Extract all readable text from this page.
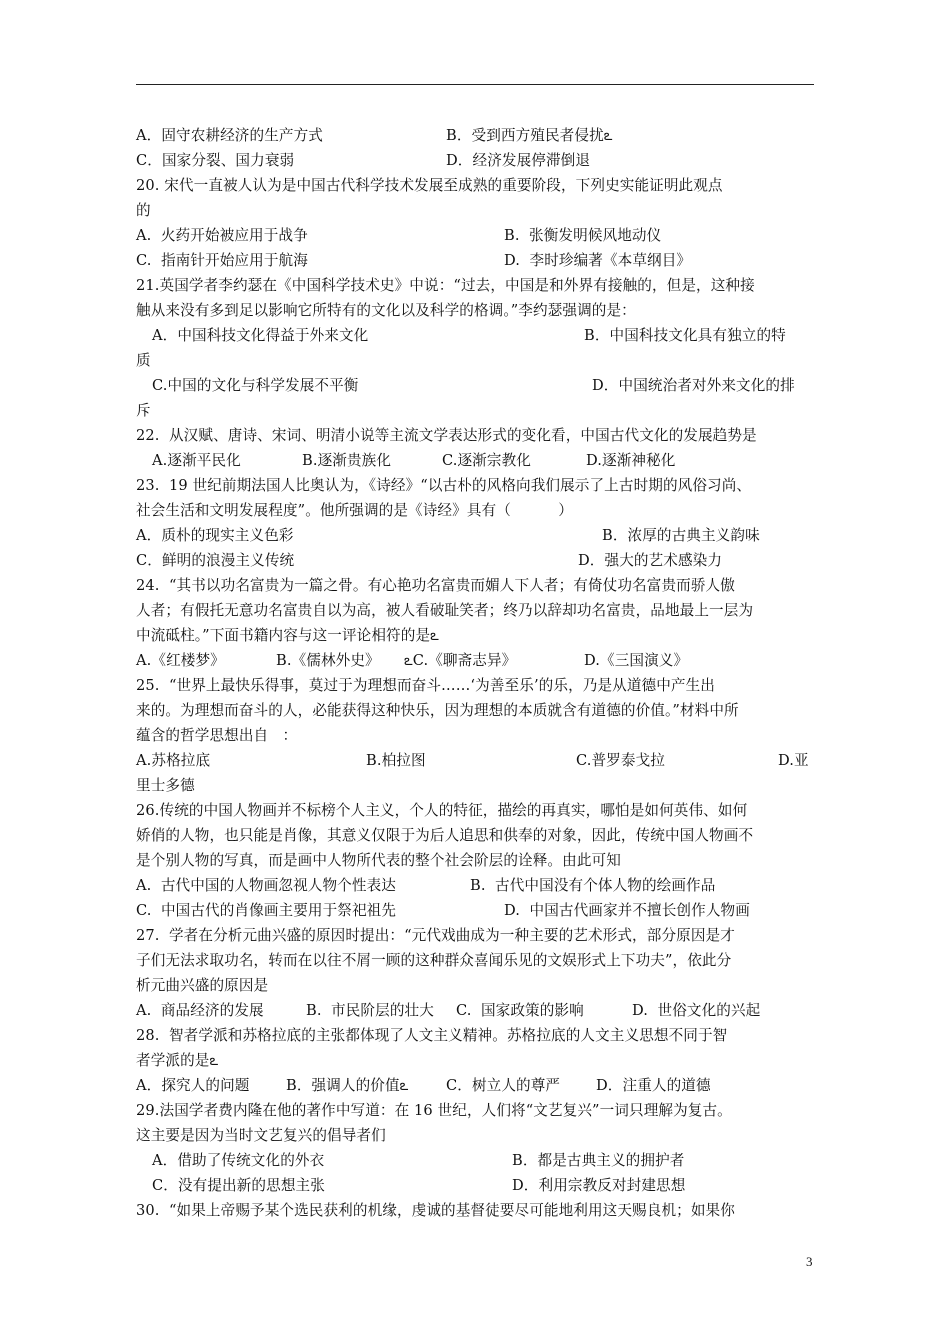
A．固守农耕经济的生产方式	B．受到西方殖民者侵扰ఽ
C．国家分裂、国力衰弱	D．经济发展停滞倒退
20. 宋代一直被人认为是中国古代科学技术发展至成熟的重要阶段，下列史实能证明此观点
的
A.  火药开始被应用于战争	B.  张衡发明候风地动仪
C.  指南针开始应用于航海	D.  李时珍编著《本草纲目》
21.英国学者李约瑟在《中国科学技术史》中说：“过去，中国是和外界有接触的，但是，这种接
触从来没有多到足以影响它所特有的文化以及科学的格调。”李约瑟强调的是：
A．中国科技文化得益于外来文化	B．中国科技文化具有独立的特
质
C.中国的文化与科学发展不平衡	D．中国统治者对外来文化的排
斥
22.  从汉赋、唐诗、宋词、明清小说等主流文学表达形式的变化看，中国古代文化的发展趋势是
A.逐渐平民化	B.逐渐贵族化	C.逐渐宗教化	D.逐渐神秘化
23.  19 世纪前期法国人比奥认为，《诗经》“以古朴的风格向我们展示了上古时期的风俗习尚、
社会生活和文明发展程度”。他所强调的是《诗经》具有（          ）
A．质朴的现实主义色彩	B．浓厚的古典主义韵味
C．鲜明的浪漫主义传统	D．强大的艺术感染力
24.  “其书以功名富贵为一篇之骨。有心艳功名富贵而媚人下人者；有倚仗功名富贵而骄人傲
人者；有假托无意功名富贵自以为高，被人看破耻笑者；终乃以辞却功名富贵，品地最上一层为
中流砥柱。”下面书籍内容与这一评论相符的是ఽ
A.《红楼梦》	B.《儒林外史》 ఽC.《聊斋志异》	D.《三国演义》
25.  “世界上最快乐得事，莫过于为理想而奋斗……‘为善至乐’的乐，乃是从道德中产生出
来的。为理想而奋斗的人，必能获得这种快乐，因为理想的本质就含有道德的价值。”材料中所
蕴含的哲学思想出自   ：
A.苏格拉底	B.柏拉图	C.普罗泰戈拉	D.亚
里士多德
26.传统的中国人物画并不标榜个人主义，个人的特征，描绘的再真实，哪怕是如何英伟、如何
娇俏的人物，也只能是肖像，其意义仅限于为后人追思和供奉的对象，因此，传统中国人物画不
是个别人物的写真，而是画中人物所代表的整个社会阶层的诠释。由此可知
A.  古代中国的人物画忽视人物个性表达	B.  古代中国没有个体人物的绘画作品
C.  中国古代的肖像画主要用于祭祀祖先	D.  中国古代画家并不擅长创作人物画
27.  学者在分析元曲兴盛的原因时提出：“元代戏曲成为一种主要的艺术形式，部分原因是才
子们无法求取功名，转而在以往不屑一顾的这种群众喜闻乐见的文娱形式上下功夫”，依此分
析元曲兴盛的原因是
A.  商品经济的发展	B.  市民阶层的壮大 C.  国家政策的影响	D.  世俗文化的兴起
28.  智者学派和苏格拉底的主张都体现了人文主义精神。苏格拉底的人文主义思想不同于智
者学派的是ఽ
A．探究人的问题	B．强调人的价值ఽ	C．树立人的尊严 D．注重人的道德
29.法国学者费内隆在他的著作中写道：在 16 世纪，人们将“文艺复兴”一词只理解为复古。
这主要是因为当时文艺复兴的倡导者们
A．借助了传统文化的外衣	B．都是古典主义的拥护者
C．没有提出新的思想主张	D．利用宗教反对封建思想
30.  “如果上帝赐予某个选民获利的机缘，虔诚的基督徒要尽可能地利用这天赐良机；如果你
3
